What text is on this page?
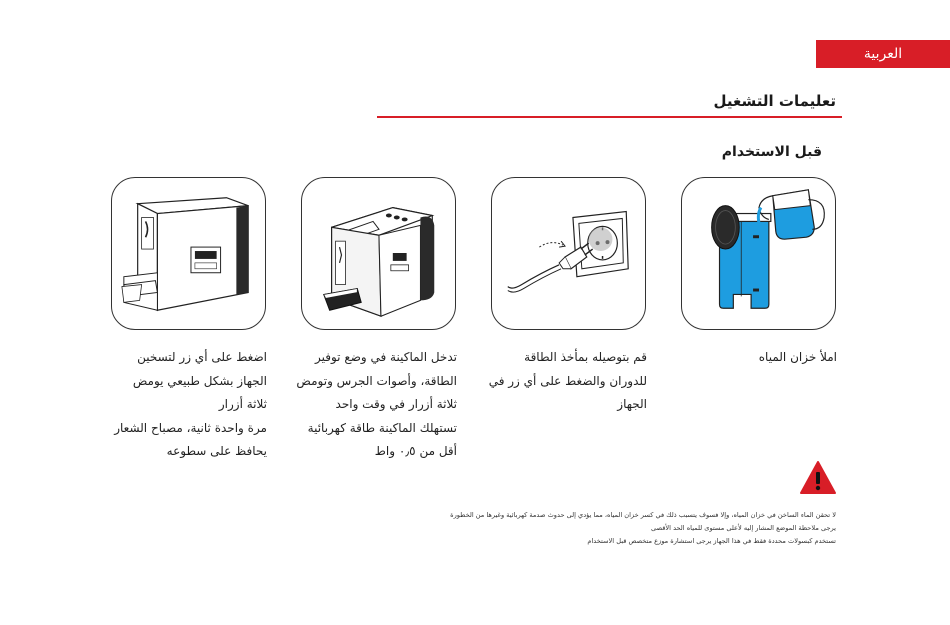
العربية
تعليمات التشغيل
قبل الاستخدام
املأ خزان المياه
قم بتوصيله بمأخذ الطاقة
للدوران والضغط على أي زر في
الجهاز
تدخل الماكينة في وضع توفير
الطاقة، وأصوات الجرس وتومض
ثلاثة أزرار في وقت واحد
تستهلك الماكينة طاقة كهربائية
أقل من ٠٫٥ واط
اضغط على أي زر لتسخين
الجهاز بشكل طبيعي يومض
ثلاثة أزرار
مرة واحدة ثانية، مصباح الشعار
يحافظ على سطوعه
لا تحقن الماء الساخن في خزان المياه، وإلا فسوف يتسبب ذلك في كسر خزان المياه، مما يؤدي إلى حدوث صدمة كهربائية وغيرها من الخطورة
يرجى ملاحظة الموضع المشار إليه لأعلى مستوى للمياه الحد الأقصى
تستخدم كبسولات محددة فقط في هذا الجهاز يرجى استشارة موزع متخصص قبل الاستخدام
